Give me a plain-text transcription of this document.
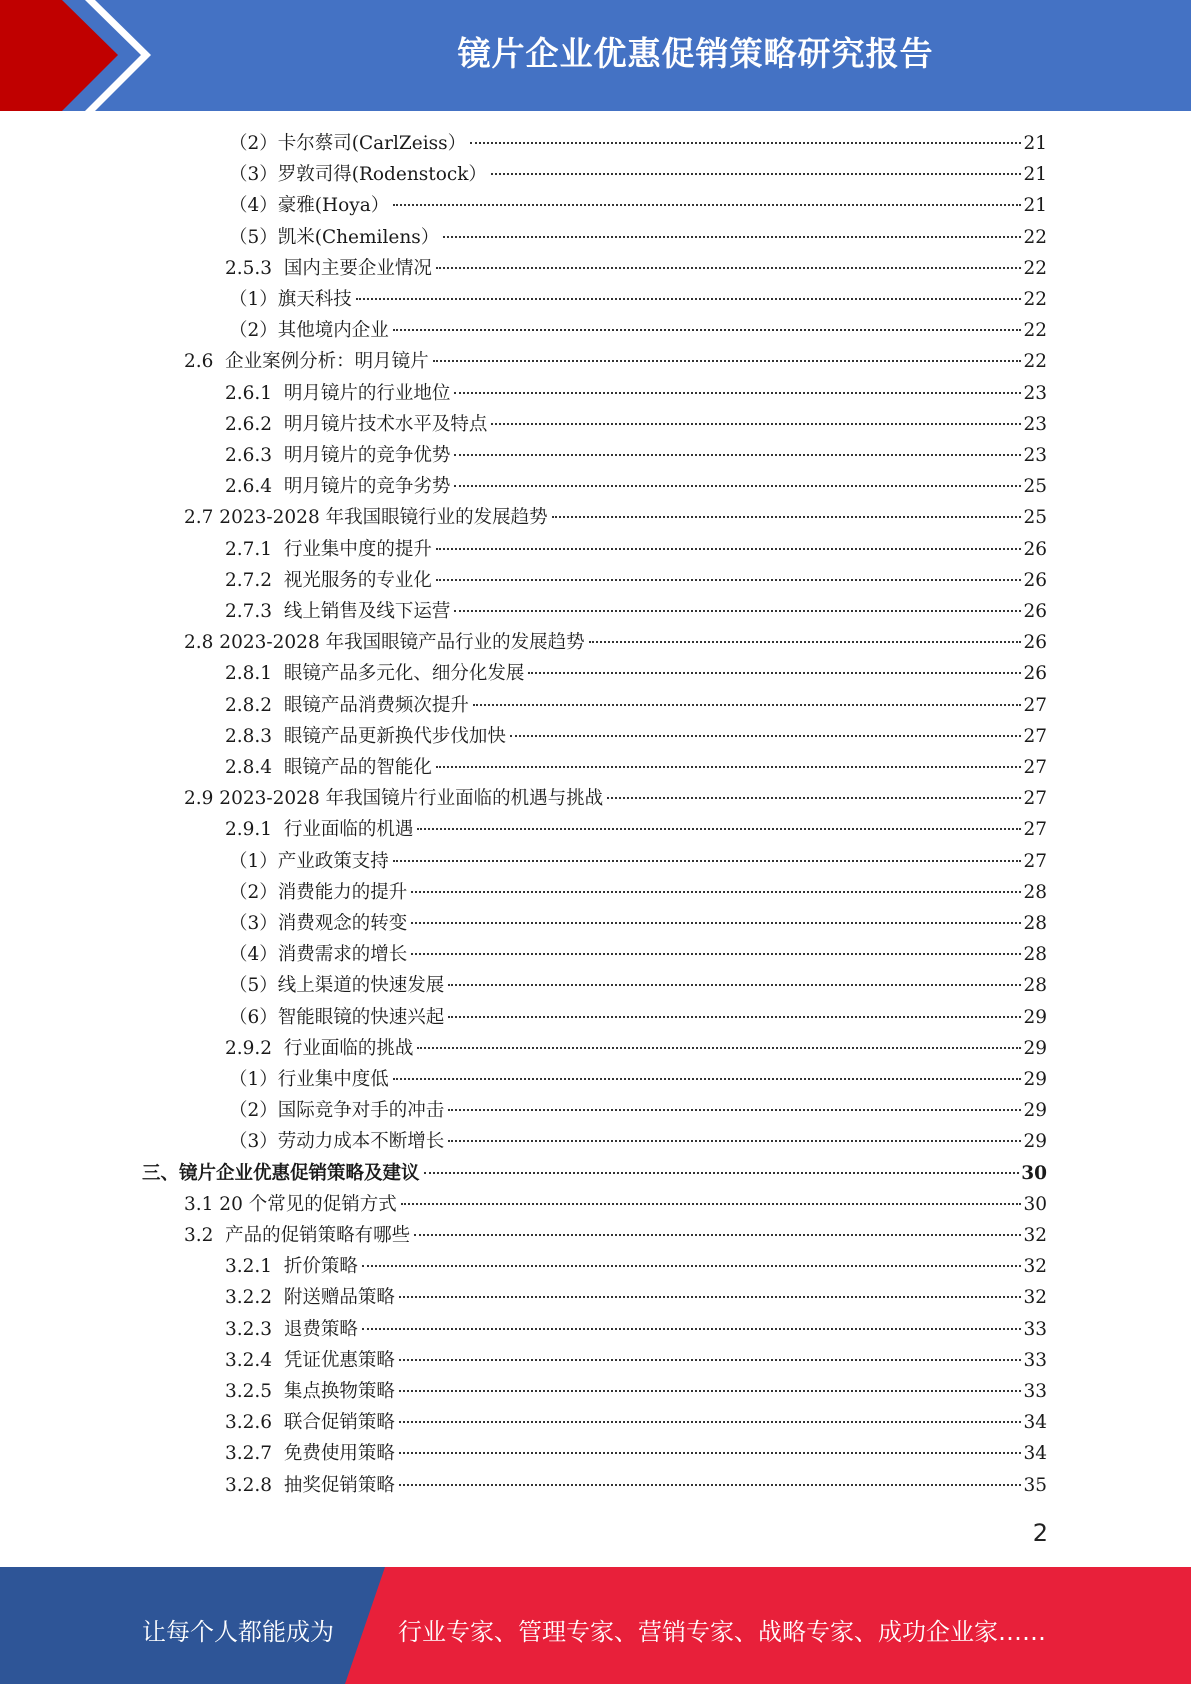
镜片企业优惠促销策略研究报告
（2）卡尔蔡司(CarlZeiss）	21
（3）罗敦司得(Rodenstock）	21
（4）豪雅(Hoya）	21
（5）凯米(Chemilens）	22
2.5.3  国内主要企业情况	22
（1）旗天科技	22
（2）其他境内企业	22
2.6  企业案例分析：明月镜片	22
2.6.1  明月镜片的行业地位	23
2.6.2  明月镜片技术水平及特点	23
2.6.3  明月镜片的竞争优势	23
2.6.4  明月镜片的竞争劣势	25
2.7 2023-2028 年我国眼镜行业的发展趋势	25
2.7.1  行业集中度的提升	26
2.7.2  视光服务的专业化	26
2.7.3  线上销售及线下运营	26
2.8 2023-2028 年我国眼镜产品行业的发展趋势	26
2.8.1  眼镜产品多元化、细分化发展	26
2.8.2  眼镜产品消费频次提升	27
2.8.3  眼镜产品更新换代步伐加快	27
2.8.4  眼镜产品的智能化	27
2.9 2023-2028 年我国镜片行业面临的机遇与挑战	27
2.9.1  行业面临的机遇	27
（1）产业政策支持	27
（2）消费能力的提升	28
（3）消费观念的转变	28
（4）消费需求的增长	28
（5）线上渠道的快速发展	28
（6）智能眼镜的快速兴起	29
2.9.2  行业面临的挑战	29
（1）行业集中度低	29
（2）国际竞争对手的冲击	29
（3）劳动力成本不断增长	29
三、镜片企业优惠促销策略及建议	30
3.1 20 个常见的促销方式	30
3.2  产品的促销策略有哪些	32
3.2.1  折价策略	32
3.2.2  附送赠品策略	32
3.2.3  退费策略	33
3.2.4  凭证优惠策略	33
3.2.5  集点换物策略	33
3.2.6  联合促销策略	34
3.2.7  免费使用策略	34
3.2.8  抽奖促销策略	35
2
让每个人都能成为	行业专家、管理专家、营销专家、战略专家、成功企业家……
